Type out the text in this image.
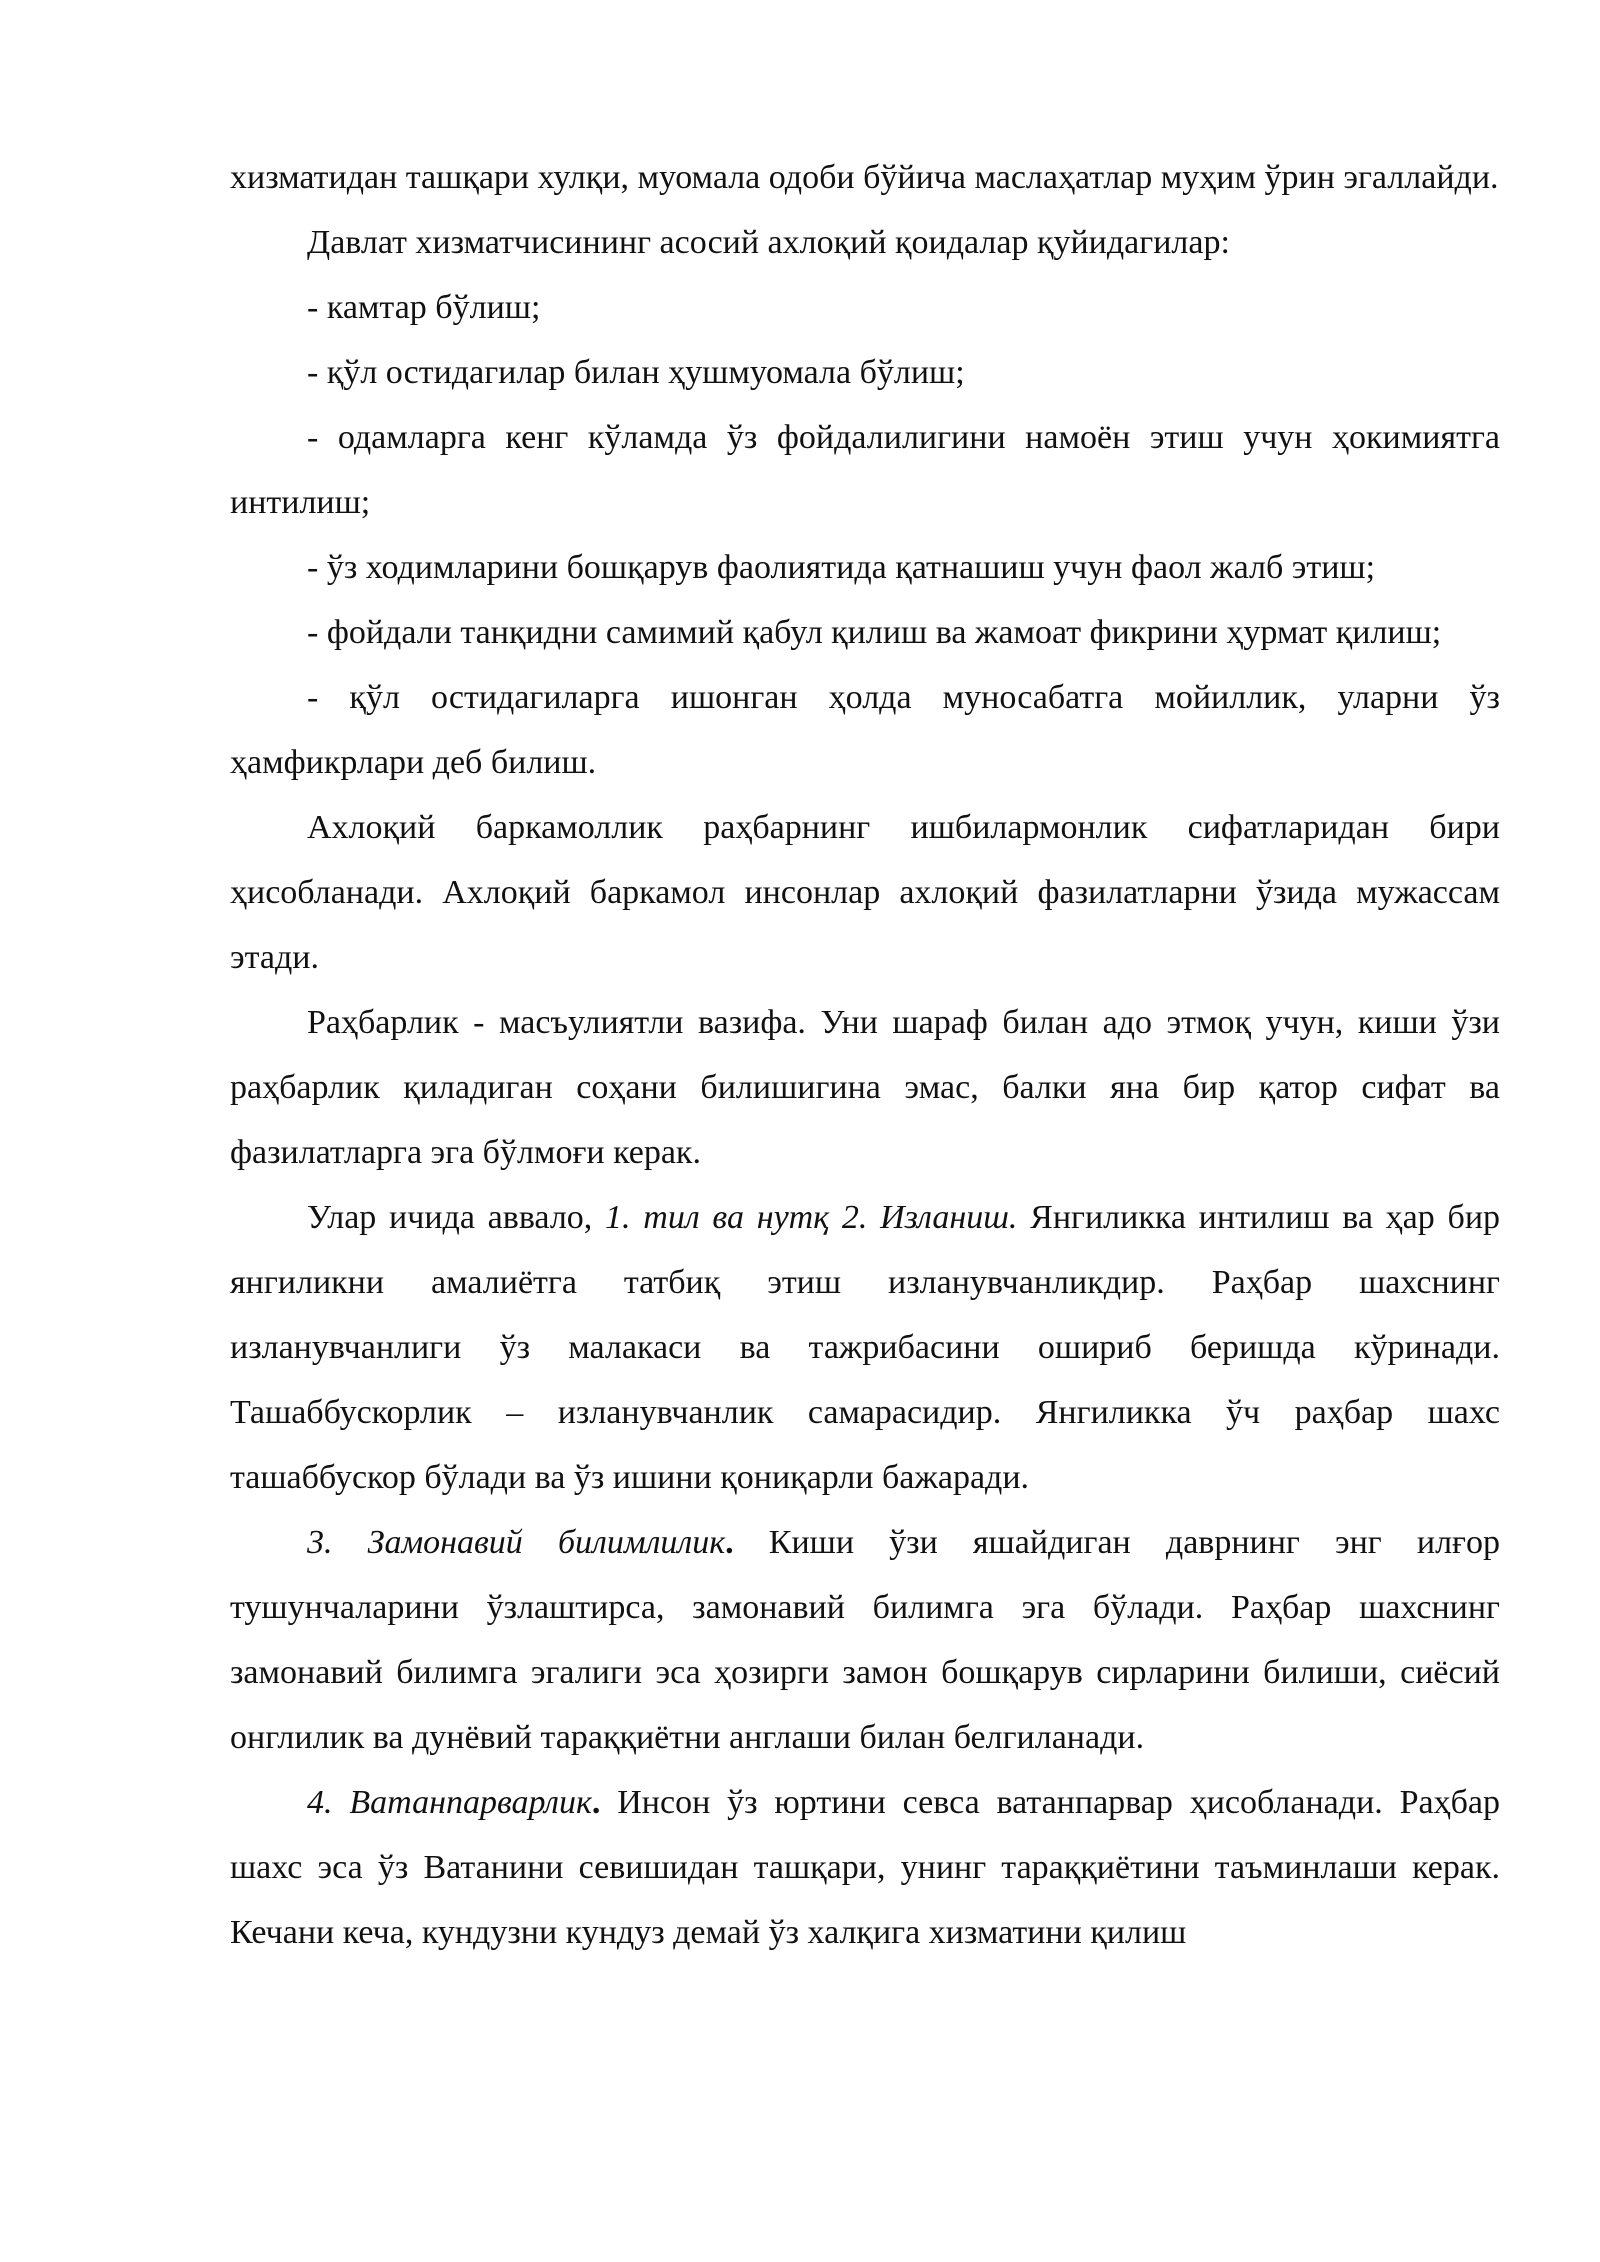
хизматидан ташқари хулқи, муомала одоби бўйича маслаҳатлар муҳим ўрин эгаллайди.

Давлат хизматчисининг асосий ахлоқий қоидалар қуйидагилар:

- камтар бўлиш;

- қўл остидагилар билан ҳушмуомала бўлиш;

- одамларга кенг кўламда ўз фойдалилигини намоён этиш учун ҳокимиятга интилиш;

- ўз ходимларини бошқарув фаолиятида қатнашиш учун фаол жалб этиш;

- фойдали танқидни самимий қабул қилиш ва жамоат фикрини ҳурмат қилиш;

- қўл остидагиларга ишонган ҳолда муносабатга мойиллик, уларни ўз ҳамфикрлари деб билиш.

Ахлоқий баркамоллик раҳбарнинг ишбилармонлик сифатларидан бири ҳисобланади. Ахлоқий баркамол инсонлар ахлоқий фазилатларни ўзида мужассам этади.

Раҳбарлик - масъулиятли вазифа. Уни шараф билан адо этмоқ учун, киши ўзи раҳбарлик қиладиган соҳани билишигина эмас, балки яна бир қатор сифат ва фазилатларга эга бўлмоғи керак.

Улар ичида аввало, 1. тил ва нутқ 2. Изланиш. Янгиликка интилиш ва ҳар бир янгиликни амалиётга татбиқ этиш изланувчанликдир. Раҳбар шахснинг изланувчанлиги ўз малакаси ва тажрибасини ошириб беришда кўринади. Ташаббускорлик – изланувчанлик самарасидир. Янгиликка ўч раҳбар шахс ташаббускор бўлади ва ўз ишини қониқарли бажаради.

3. Замонавий билимлилик. Киши ўзи яшайдиган даврнинг энг илғор тушунчаларини ўзлаштирса, замонавий билимга эга бўлади. Раҳбар шахснинг замонавий билимга эгалиги эса ҳозирги замон бошқарув сирларини билиши, сиёсий онглилик ва дунёвий тараққиётни англаши билан белгиланади.

4. Ватанпарварлик. Инсон ўз юртини севса ватанпарвар ҳисобланади. Раҳбар шахс эса ўз Ватанини севишидан ташқари, унинг тараққиётини таъминлаши керак. Кечани кеча, кундузни кундуз демай ўз халқига хизматини қилиш
